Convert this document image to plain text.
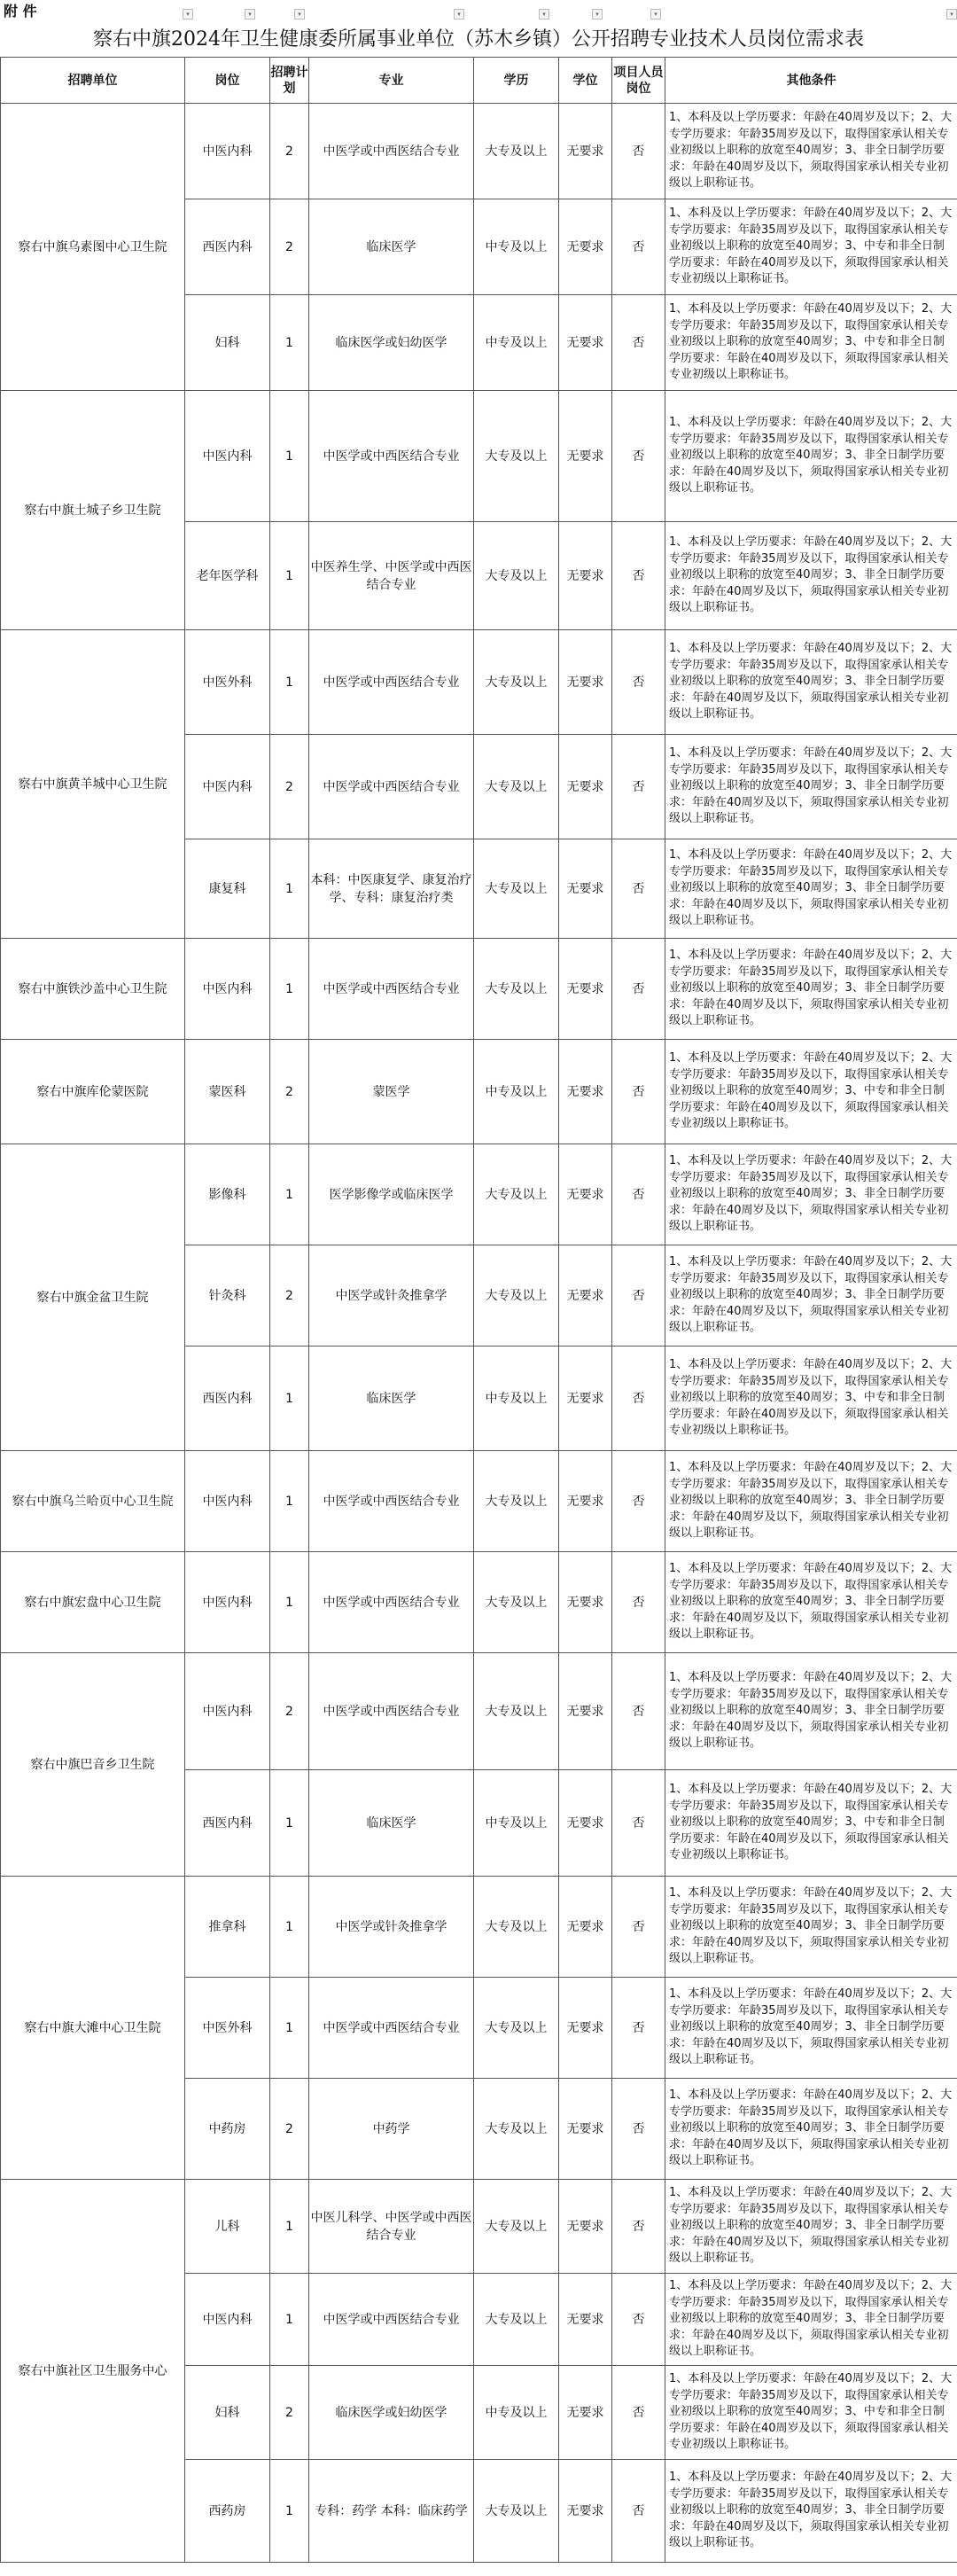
附 件	▾	▾	▾	▾	▾	▾	▾	▾
察右中旗2024年卫生健康委所属事业单位（苏木乡镇）公开招聘专业技术人员岗位需求表
招聘单位	岗位	招聘计划	专业	学历	学位	项目人员岗位	其他条件
察右中旗乌素图中心卫生院	中医内科	2	中医学或中西医结合专业	大专及以上	无要求	否	1、本科及以上学历要求：年龄在40周岁及以下；2、大专学历要求：年龄35周岁及以下，取得国家承认相关专业初级以上职称的放宽至40周岁；3、非全日制学历要求：年龄在40周岁及以下，须取得国家承认相关专业初级以上职称证书。
	西医内科	2	临床医学	中专及以上	无要求	否	1、本科及以上学历要求：年龄在40周岁及以下；2、大专学历要求：年龄35周岁及以下，取得国家承认相关专业初级以上职称的放宽至40周岁；3、中专和非全日制学历要求：年龄在40周岁及以下，须取得国家承认相关专业初级以上职称证书。
	妇科	1	临床医学或妇幼医学	中专及以上	无要求	否	1、本科及以上学历要求：年龄在40周岁及以下；2、大专学历要求：年龄35周岁及以下，取得国家承认相关专业初级以上职称的放宽至40周岁；3、中专和非全日制学历要求：年龄在40周岁及以下，须取得国家承认相关专业初级以上职称证书。
察右中旗土城子乡卫生院	中医内科	1	中医学或中西医结合专业	大专及以上	无要求	否	1、本科及以上学历要求：年龄在40周岁及以下；2、大专学历要求：年龄35周岁及以下，取得国家承认相关专业初级以上职称的放宽至40周岁；3、非全日制学历要求：年龄在40周岁及以下，须取得国家承认相关专业初级以上职称证书。
	老年医学科	1	中医养生学、中医学或中西医结合专业	大专及以上	无要求	否	1、本科及以上学历要求：年龄在40周岁及以下；2、大专学历要求：年龄35周岁及以下，取得国家承认相关专业初级以上职称的放宽至40周岁；3、非全日制学历要求：年龄在40周岁及以下，须取得国家承认相关专业初级以上职称证书。
察右中旗黄羊城中心卫生院	中医外科	1	中医学或中西医结合专业	大专及以上	无要求	否	1、本科及以上学历要求：年龄在40周岁及以下；2、大专学历要求：年龄35周岁及以下，取得国家承认相关专业初级以上职称的放宽至40周岁；3、非全日制学历要求：年龄在40周岁及以下，须取得国家承认相关专业初级以上职称证书。
	中医内科	2	中医学或中西医结合专业	大专及以上	无要求	否	1、本科及以上学历要求：年龄在40周岁及以下；2、大专学历要求：年龄35周岁及以下，取得国家承认相关专业初级以上职称的放宽至40周岁；3、非全日制学历要求：年龄在40周岁及以下，须取得国家承认相关专业初级以上职称证书。
	康复科	1	本科：中医康复学、康复治疗学、专科：康复治疗类	大专及以上	无要求	否	1、本科及以上学历要求：年龄在40周岁及以下；2、大专学历要求：年龄35周岁及以下，取得国家承认相关专业初级以上职称的放宽至40周岁；3、非全日制学历要求：年龄在40周岁及以下，须取得国家承认相关专业初级以上职称证书。
察右中旗铁沙盖中心卫生院	中医内科	1	中医学或中西医结合专业	大专及以上	无要求	否	1、本科及以上学历要求：年龄在40周岁及以下；2、大专学历要求：年龄35周岁及以下，取得国家承认相关专业初级以上职称的放宽至40周岁；3、非全日制学历要求：年龄在40周岁及以下，须取得国家承认相关专业初级以上职称证书。
察右中旗库伦蒙医院	蒙医科	2	蒙医学	中专及以上	无要求	否	1、本科及以上学历要求：年龄在40周岁及以下；2、大专学历要求：年龄35周岁及以下，取得国家承认相关专业初级以上职称的放宽至40周岁；3、中专和非全日制学历要求：年龄在40周岁及以下，须取得国家承认相关专业初级以上职称证书。
察右中旗金盆卫生院	影像科	1	医学影像学或临床医学	大专及以上	无要求	否	1、本科及以上学历要求：年龄在40周岁及以下；2、大专学历要求：年龄35周岁及以下，取得国家承认相关专业初级以上职称的放宽至40周岁；3、非全日制学历要求：年龄在40周岁及以下，须取得国家承认相关专业初级以上职称证书。
	针灸科	2	中医学或针灸推拿学	大专及以上	无要求	否	1、本科及以上学历要求：年龄在40周岁及以下；2、大专学历要求：年龄35周岁及以下，取得国家承认相关专业初级以上职称的放宽至40周岁；3、非全日制学历要求：年龄在40周岁及以下，须取得国家承认相关专业初级以上职称证书。
	西医内科	1	临床医学	中专及以上	无要求	否	1、本科及以上学历要求：年龄在40周岁及以下；2、大专学历要求：年龄35周岁及以下，取得国家承认相关专业初级以上职称的放宽至40周岁；3、中专和非全日制学历要求：年龄在40周岁及以下，须取得国家承认相关专业初级以上职称证书。
察右中旗乌兰哈页中心卫生院	中医内科	1	中医学或中西医结合专业	大专及以上	无要求	否	1、本科及以上学历要求：年龄在40周岁及以下；2、大专学历要求：年龄35周岁及以下，取得国家承认相关专业初级以上职称的放宽至40周岁；3、非全日制学历要求：年龄在40周岁及以下，须取得国家承认相关专业初级以上职称证书。
察右中旗宏盘中心卫生院	中医内科	1	中医学或中西医结合专业	大专及以上	无要求	否	1、本科及以上学历要求：年龄在40周岁及以下；2、大专学历要求：年龄35周岁及以下，取得国家承认相关专业初级以上职称的放宽至40周岁；3、非全日制学历要求：年龄在40周岁及以下，须取得国家承认相关专业初级以上职称证书。
察右中旗巴音乡卫生院	中医内科	2	中医学或中西医结合专业	大专及以上	无要求	否	1、本科及以上学历要求：年龄在40周岁及以下；2、大专学历要求：年龄35周岁及以下，取得国家承认相关专业初级以上职称的放宽至40周岁；3、非全日制学历要求：年龄在40周岁及以下，须取得国家承认相关专业初级以上职称证书。
	西医内科	1	临床医学	中专及以上	无要求	否	1、本科及以上学历要求：年龄在40周岁及以下；2、大专学历要求：年龄35周岁及以下，取得国家承认相关专业初级以上职称的放宽至40周岁；3、中专和非全日制学历要求：年龄在40周岁及以下，须取得国家承认相关专业初级以上职称证书。
察右中旗大滩中心卫生院	推拿科	1	中医学或针灸推拿学	大专及以上	无要求	否	1、本科及以上学历要求：年龄在40周岁及以下；2、大专学历要求：年龄35周岁及以下，取得国家承认相关专业初级以上职称的放宽至40周岁；3、非全日制学历要求：年龄在40周岁及以下，须取得国家承认相关专业初级以上职称证书。
	中医外科	1	中医学或中西医结合专业	大专及以上	无要求	否	1、本科及以上学历要求：年龄在40周岁及以下；2、大专学历要求：年龄35周岁及以下，取得国家承认相关专业初级以上职称的放宽至40周岁；3、非全日制学历要求：年龄在40周岁及以下，须取得国家承认相关专业初级以上职称证书。
	中药房	2	中药学	大专及以上	无要求	否	1、本科及以上学历要求：年龄在40周岁及以下；2、大专学历要求：年龄35周岁及以下，取得国家承认相关专业初级以上职称的放宽至40周岁；3、非全日制学历要求：年龄在40周岁及以下，须取得国家承认相关专业初级以上职称证书。
察右中旗社区卫生服务中心	儿科	1	中医儿科学、中医学或中西医结合专业	大专及以上	无要求	否	1、本科及以上学历要求：年龄在40周岁及以下；2、大专学历要求：年龄35周岁及以下，取得国家承认相关专业初级以上职称的放宽至40周岁；3、非全日制学历要求：年龄在40周岁及以下，须取得国家承认相关专业初级以上职称证书。
	中医内科	1	中医学或中西医结合专业	大专及以上	无要求	否	1、本科及以上学历要求：年龄在40周岁及以下；2、大专学历要求：年龄35周岁及以下，取得国家承认相关专业初级以上职称的放宽至40周岁；3、非全日制学历要求：年龄在40周岁及以下，须取得国家承认相关专业初级以上职称证书。
	妇科	2	临床医学或妇幼医学	中专及以上	无要求	否	1、本科及以上学历要求：年龄在40周岁及以下；2、大专学历要求：年龄35周岁及以下，取得国家承认相关专业初级以上职称的放宽至40周岁；3、中专和非全日制学历要求：年龄在40周岁及以下，须取得国家承认相关专业初级以上职称证书。
	西药房	1	专科：药学 本科：临床药学	大专及以上	无要求	否	1、本科及以上学历要求：年龄在40周岁及以下；2、大专学历要求：年龄35周岁及以下，取得国家承认相关专业初级以上职称的放宽至40周岁；3、非全日制学历要求：年龄在40周岁及以下，须取得国家承认相关专业初级以上职称证书。
